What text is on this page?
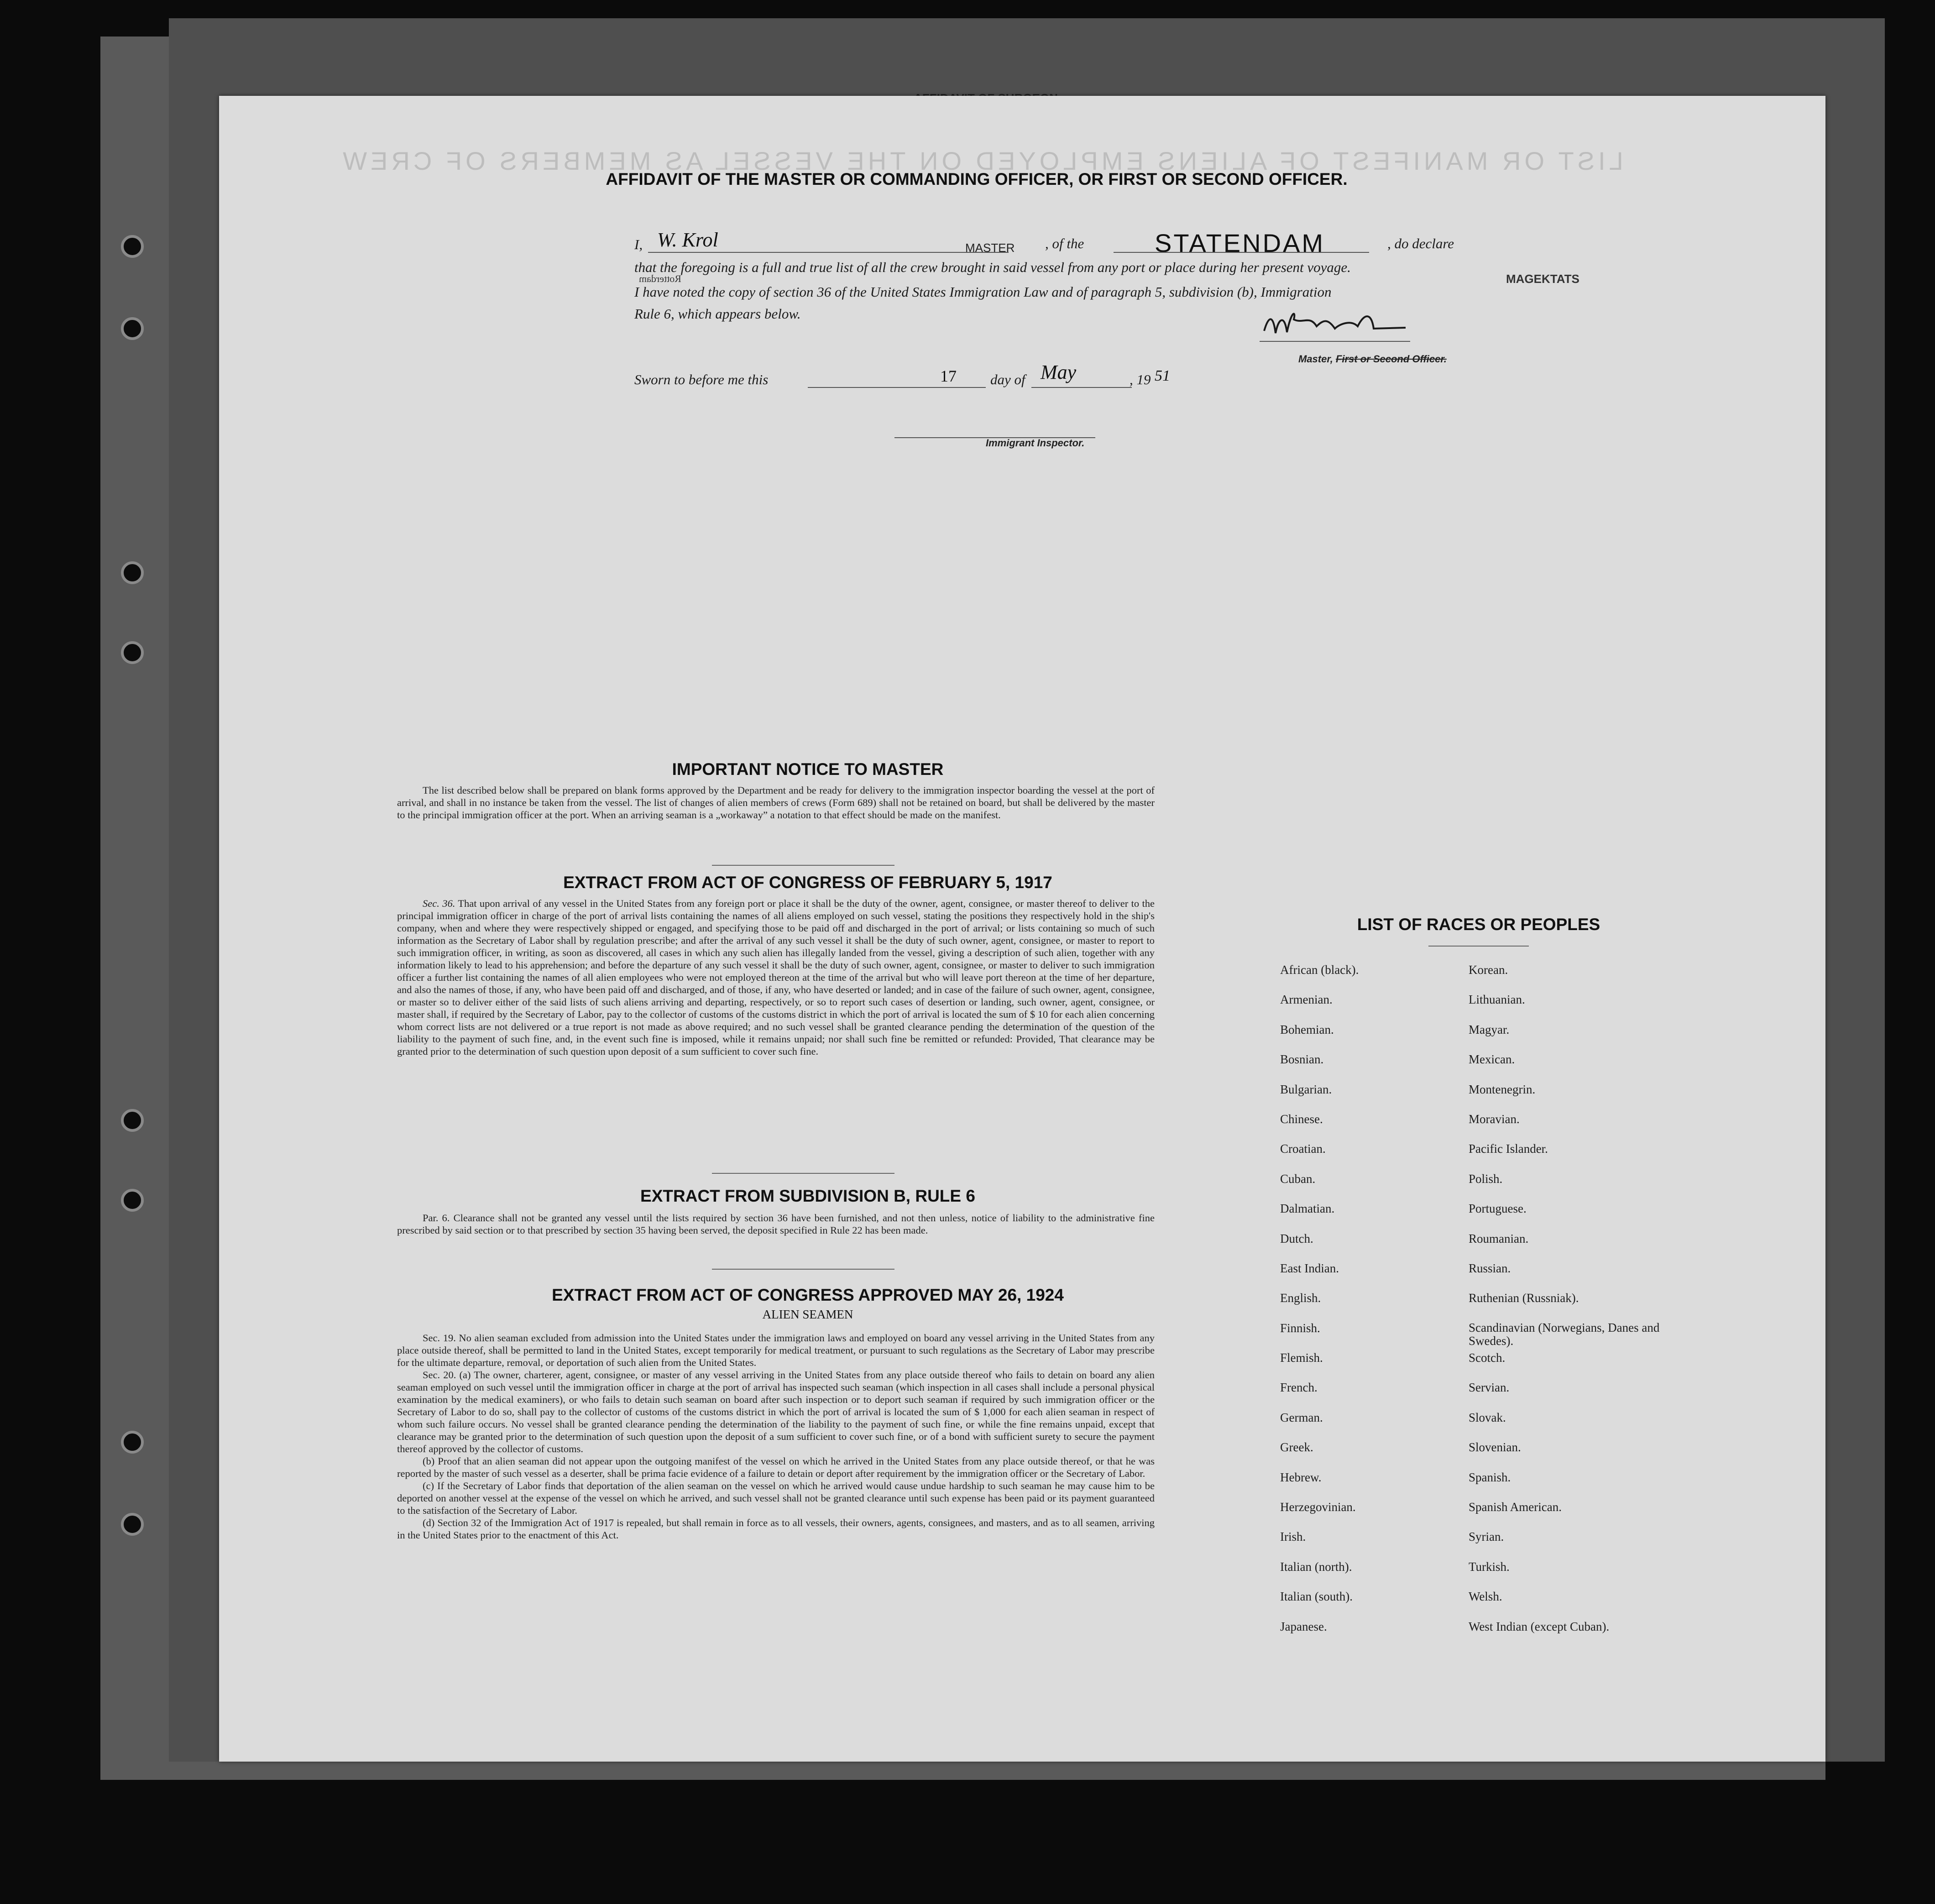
LIST OR MANIFEST OF ALIENS EMPLOYED ON THE VESSEL AS MEMBERS OF CREW
MAGEKTATS
AFFIDAVIT OF THE MASTER OR COMMANDING OFFICER, OR FIRST OR SECOND OFFICER.
I, W. Krol	MASTER , of the	STATENDAM	, do declare
that the foregoing is a full and true list of all the crew brought in said vessel from any port or place during her present voyage.
Rotterdam
I have noted the copy of section 36 of the United States Immigration Law and of paragraph 5, subdivision (b), Immigration
Rule 6, which appears below.
Master, First or Second Officer.
Sworn to before me this	17 day of May	, 19 51
Immigrant Inspector.
IMPORTANT NOTICE TO MASTER

The list described below shall be prepared on blank forms approved by the Department and be ready for delivery to the immigration inspector boarding the vessel at the port of arrival, and shall in no instance be taken from the vessel. The list of changes of alien members of crews (Form 689) shall not be retained on board, but shall be delivered by the master to the principal immigration officer at the port. When an arriving seaman is a „workaway” a notation to that effect should be made on the manifest.

EXTRACT FROM ACT OF CONGRESS OF FEBRUARY 5, 1917

Sec. 36. That upon arrival of any vessel in the United States from any foreign port or place it shall be the duty of the owner, agent, consignee, or master thereof to deliver to the principal immigration officer in charge of the port of arrival lists containing the names of all aliens employed on such vessel, stating the positions they respectively hold in the ship's company, when and where they were respectively shipped or engaged, and specifying those to be paid off and discharged in the port of arrival; or lists containing so much of such information as the Secretary of Labor shall by regulation prescribe; and after the arrival of any such vessel it shall be the duty of such owner, agent, consignee, or master to report to such immigration officer, in writing, as soon as discovered, all cases in which any such alien has illegally landed from the vessel, giving a description of such alien, together with any information likely to lead to his apprehension; and before the departure of any such vessel it shall be the duty of such owner, agent, consignee, or master to deliver to such immigration officer a further list containing the names of all alien employees who were not employed thereon at the time of the arrival but who will leave port thereon at the time of her departure, and also the names of those, if any, who have been paid off and discharged, and of those, if any, who have deserted or landed; and in case of the failure of such owner, agent, consignee, or master so to deliver either of the said lists of such aliens arriving and departing, respectively, or so to report such cases of desertion or landing, such owner, agent, consignee, or master shall, if required by the Secretary of Labor, pay to the collector of customs of the customs district in which the port of arrival is located the sum of $ 10 for each alien concerning whom correct lists are not delivered or a true report is not made as above required; and no such vessel shall be granted clearance pending the determination of the question of the liability to the payment of such fine, and, in the event such fine is imposed, while it remains unpaid; nor shall such fine be remitted or refunded: Provided, That clearance may be granted prior to the determination of such question upon deposit of a sum sufficient to cover such fine.

EXTRACT FROM SUBDIVISION B, RULE 6

Par. 6. Clearance shall not be granted any vessel until the lists required by section 36 have been furnished, and not then unless, notice of liability to the administrative fine prescribed by said section or to that prescribed by section 35 having been served, the deposit specified in Rule 22 has been made.

EXTRACT FROM ACT OF CONGRESS APPROVED MAY 26, 1924
ALIEN SEAMEN

Sec. 19. No alien seaman excluded from admission into the United States under the immigration laws and employed on board any vessel arriving in the United States from any place outside thereof, shall be permitted to land in the United States, except temporarily for medical treatment, or pursuant to such regulations as the Secretary of Labor may prescribe for the ultimate departure, removal, or deportation of such alien from the United States.

Sec. 20. (a) The owner, charterer, agent, consignee, or master of any vessel arriving in the United States from any place outside thereof who fails to detain on board any alien seaman employed on such vessel until the immigration officer in charge at the port of arrival has inspected such seaman (which inspection in all cases shall include a personal physical examination by the medical examiners), or who fails to detain such seaman on board after such inspection or to deport such seaman if required by such immigration officer or the Secretary of Labor to do so, shall pay to the collector of customs of the customs district in which the port of arrival is located the sum of $ 1,000 for each alien seaman in respect of whom such failure occurs. No vessel shall be granted clearance pending the determination of the liability to the payment of such fine, or while the fine remains unpaid, except that clearance may be granted prior to the determination of such question upon the deposit of a sum sufficient to cover such fine, or of a bond with sufficient surety to secure the payment thereof approved by the collector of customs.

(b) Proof that an alien seaman did not appear upon the outgoing manifest of the vessel on which he arrived in the United States from any place outside thereof, or that he was reported by the master of such vessel as a deserter, shall be prima facie evidence of a failure to detain or deport after requirement by the immigration officer or the Secretary of Labor.

(c) If the Secretary of Labor finds that deportation of the alien seaman on the vessel on which he arrived would cause undue hardship to such seaman he may cause him to be deported on another vessel at the expense of the vessel on which he arrived, and such vessel shall not be granted clearance until such expense has been paid or its payment guaranteed to the satisfaction of the Secretary of Labor.

(d) Section 32 of the Immigration Act of 1917 is repealed, but shall remain in force as to all vessels, their owners, agents, consignees, and masters, and as to all seamen, arriving in the United States prior to the enactment of this Act.

LIST OF RACES OR PEOPLES
African (black).
Armenian.
Bohemian.
Bosnian.
Bulgarian.
Chinese.
Croatian.
Cuban.
Dalmatian.
Dutch.
East Indian.
English.
Finnish.
Flemish.
French.
German.
Greek.
Hebrew.
Herzegovinian.
Irish.
Italian (north).
Italian (south).
Japanese.
Korean.
Lithuanian.
Magyar.
Mexican.
Montenegrin.
Moravian.
Pacific Islander.
Polish.
Portuguese.
Roumanian.
Russian.
Ruthenian (Russniak).
Scandinavian (Norwegians, Danes and Swedes).
Scotch.
Servian.
Slovak.
Slovenian.
Spanish.
Spanish American.
Syrian.
Turkish.
Welsh.
West Indian (except Cuban).
